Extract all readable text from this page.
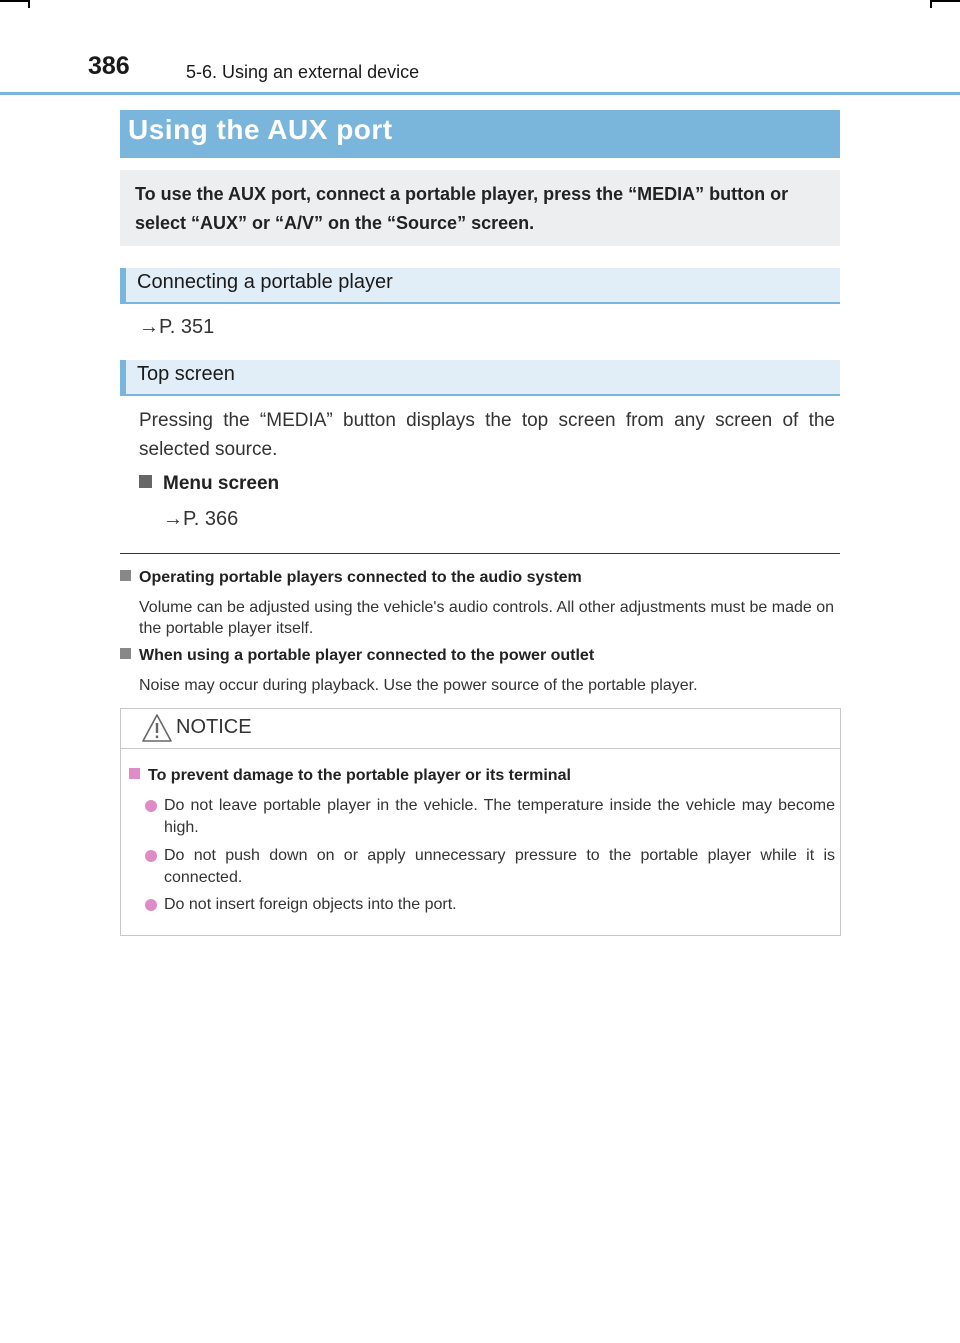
386	5-6. Using an external device
Using the AUX port
To use the AUX port, connect a portable player, press the “MEDIA” button or select “AUX” or “A/V” on the “Source” screen.
Connecting a portable player
→P. 351
Top screen
Pressing the “MEDIA” button displays the top screen from any screen of the selected source.
Menu screen
→P. 366
Operating portable players connected to the audio system
Volume can be adjusted using the vehicle's audio controls. All other adjustments must be made on the portable player itself.
When using a portable player connected to the power outlet
Noise may occur during playback. Use the power source of the portable player.
NOTICE
To prevent damage to the portable player or its terminal
Do not leave portable player in the vehicle. The temperature inside the vehicle may become high.
Do not push down on or apply unnecessary pressure to the portable player while it is connected.
Do not insert foreign objects into the port.
